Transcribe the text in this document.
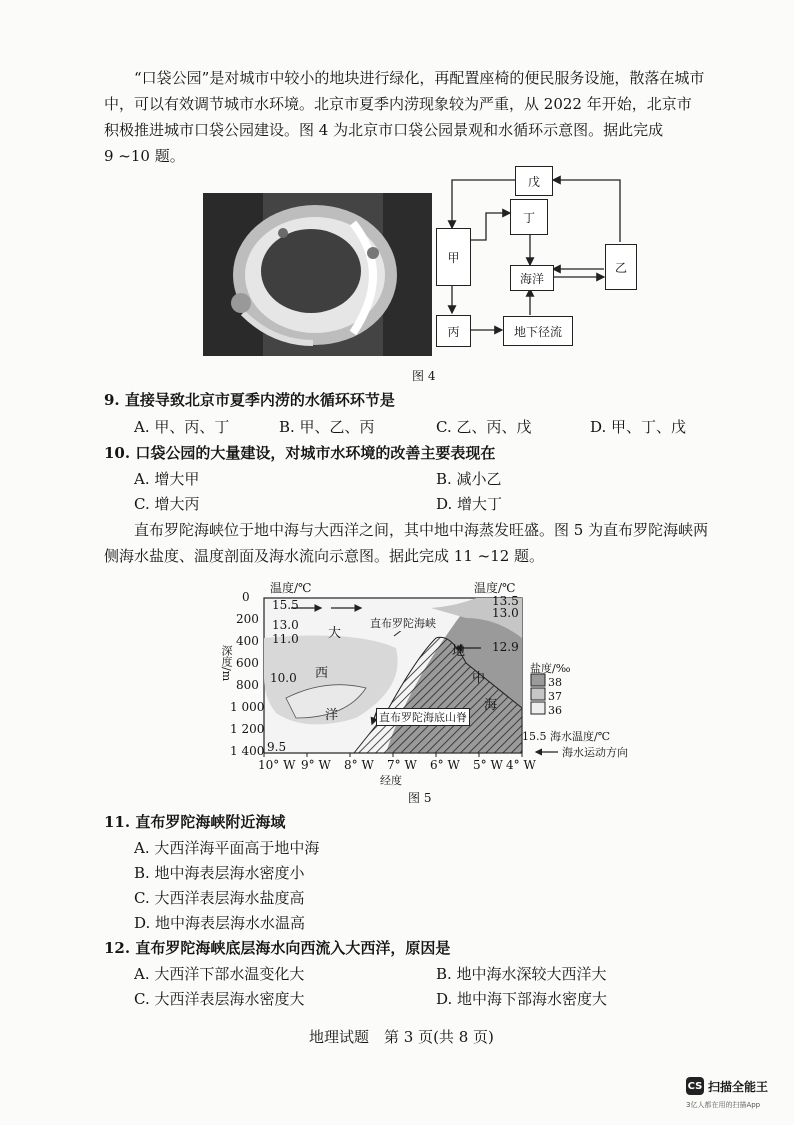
“口袋公园”是对城市中较小的地块进行绿化，再配置座椅的便民服务设施，散落在城市
中，可以有效调节城市水环境。北京市夏季内涝现象较为严重，从 2022 年开始，北京市
积极推进城市口袋公园建设。图 4 为北京市口袋公园景观和水循环示意图。据此完成
9 ~10 题。
戊
丁
甲
乙
海洋
丙	地下径流
图 4
9. 直接导致北京市夏季内涝的水循环环节是
A. 甲、丙、丁	B. 甲、乙、丙	C. 乙、丙、戊	D. 甲、丁、戊
10. 口袋公园的大量建设，对城市水环境的改善主要表现在
A. 增大甲	B. 减小乙
C. 增大丙	D. 增大丁
直布罗陀海峡位于地中海与大西洋之间，其中地中海蒸发旺盛。图 5 为直布罗陀海峡两
侧海水盐度、温度剖面及海水流向示意图。据此完成 11 ~12 题。
温度/℃	温度/℃
0
200
400
600
800
1 000
1 200
1 400
深度/m
15.5
13.0
11.0
10.0
9.5
13.5
13.0
12.9
大
西
洋
地
中
海
直布罗陀海峡
直布罗陀海底山脊
10° W 9° W 8° W 7° W 6° W 5° W 4° W
经度
盐度/‰
38
37
36
15.5 海水温度/℃
海水运动方向
图 5
11. 直布罗陀海峡附近海域
A. 大西洋海平面高于地中海
B. 地中海表层海水密度小
C. 大西洋表层海水盐度高
D. 地中海表层海水水温高
12. 直布罗陀海峡底层海水向西流入大西洋，原因是
A. 大西洋下部水温变化大	B. 地中海水深较大西洋大
C. 大西洋表层海水密度大	D. 地中海下部海水密度大
地理试题　第 3 页(共 8 页)
CS 扫描全能王
3亿人都在用的扫描App
